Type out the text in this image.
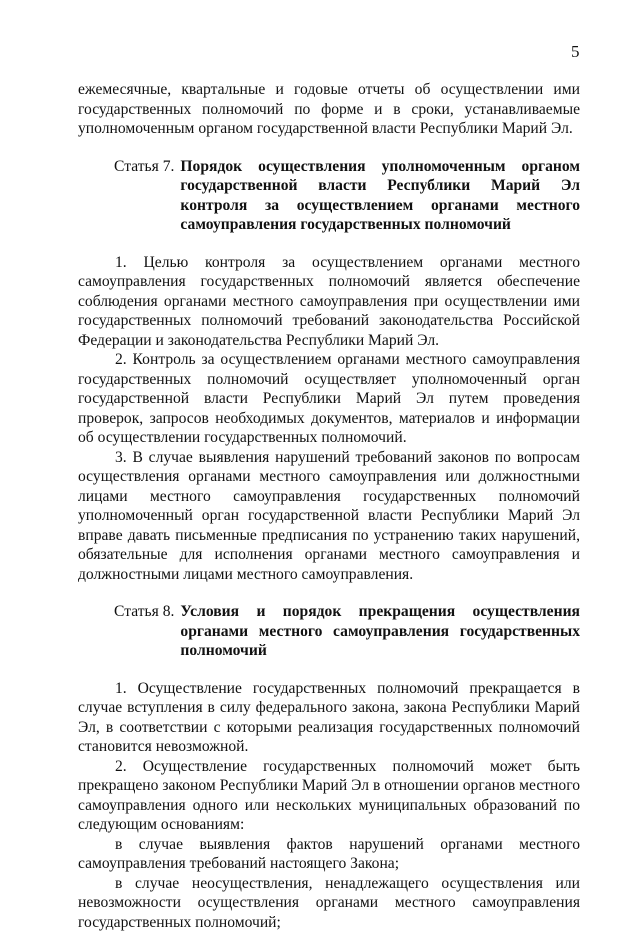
5

ежемесячные, квартальные и годовые отчеты об осуществлении ими государственных полномочий по форме и в сроки, устанавливаемые уполномоченным органом государственной власти Республики Марий Эл.

Статья 7. Порядок осуществления уполномоченным органом государственной власти Республики Марий Эл контроля за осуществлением органами местного самоуправления государственных полномочий

1. Целью контроля за осуществлением органами местного самоуправления государственных полномочий является обеспечение соблюдения органами местного самоуправления при осуществлении ими государственных полномочий требований законодательства Российской Федерации и законодательства Республики Марий Эл.

2. Контроль за осуществлением органами местного самоуправления государственных полномочий осуществляет уполномоченный орган государственной власти Республики Марий Эл путем проведения проверок, запросов необходимых документов, материалов и информации об осуществлении государственных полномочий.

3. В случае выявления нарушений требований законов по вопросам осуществления органами местного самоуправления или должностными лицами местного самоуправления государственных полномочий уполномоченный орган государственной власти Республики Марий Эл вправе давать письменные предписания по устранению таких нарушений, обязательные для исполнения органами местного самоуправления и должностными лицами местного самоуправления.

Статья 8. Условия и порядок прекращения осуществления органами местного самоуправления государственных полномочий

1. Осуществление государственных полномочий прекращается в случае вступления в силу федерального закона, закона Республики Марий Эл, в соответствии с которыми реализация государственных полномочий становится невозможной.

2. Осуществление государственных полномочий может быть прекращено законом Республики Марий Эл в отношении органов местного самоуправления одного или нескольких муниципальных образований по следующим основаниям:

в случае выявления фактов нарушений органами местного самоуправления требований настоящего Закона;

в случае неосуществления, ненадлежащего осуществления или невозможности осуществления органами местного самоуправления государственных полномочий;
